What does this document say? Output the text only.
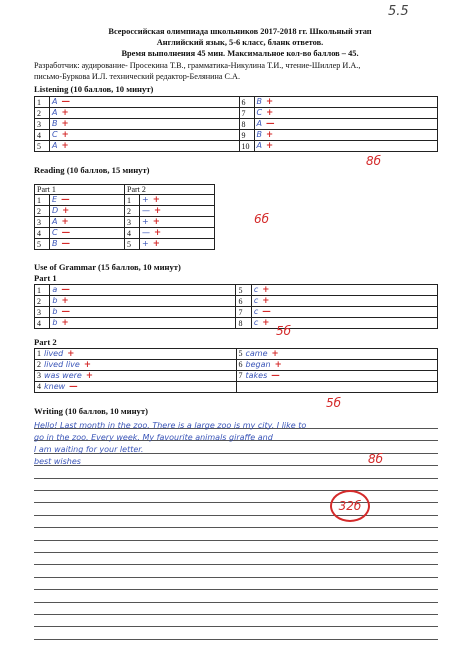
5.5
Всероссийская олимпиада школьников 2017-2018 гг. Школьный этап
Английский язык, 5-6 класс, бланк ответов.
Время выполнения 45 мин. Максимальное кол-во баллов – 45.
Разработчик: аудирование- Просекина Т.В., грамматика-Никулина Т.И., чтение-Шиллер И.А.,
письмо-Буркова И.Л. технический редактор-Белянина С.А.
Listening (10 баллов, 10 минут)
1	A —	6	B +
2	A +	7	C +
3	B +	8	A —
4	C +	9	B +
5	A +	10	A +
8б
Reading (10 баллов, 15 минут)
Part 1		Part 2		
1	E —	1	+ +	
2	D +	2	— +	
3	A +	3	+ +	
4	C —	4	— +	
5	B —	5	+ +	
6б
Use of Grammar (15 баллов, 10 минут)
Part 1
1	a —	5	c +
2	b +	6	c +
3	b —	7	c —
4	b +	8	c +
5б
Part 2
1 lived +	5 came +
2 lived live +	6 began +
3 was were +	7 takes —
4 knew —	
5б
Writing (10 баллов, 10 минут)
Hello! Last month in the zoo. There is a large zoo is my city. I like to
go in the zoo. Every week. My favourite animals giraffe and
I am waiting for your letter.
best wishes	8б
32б
